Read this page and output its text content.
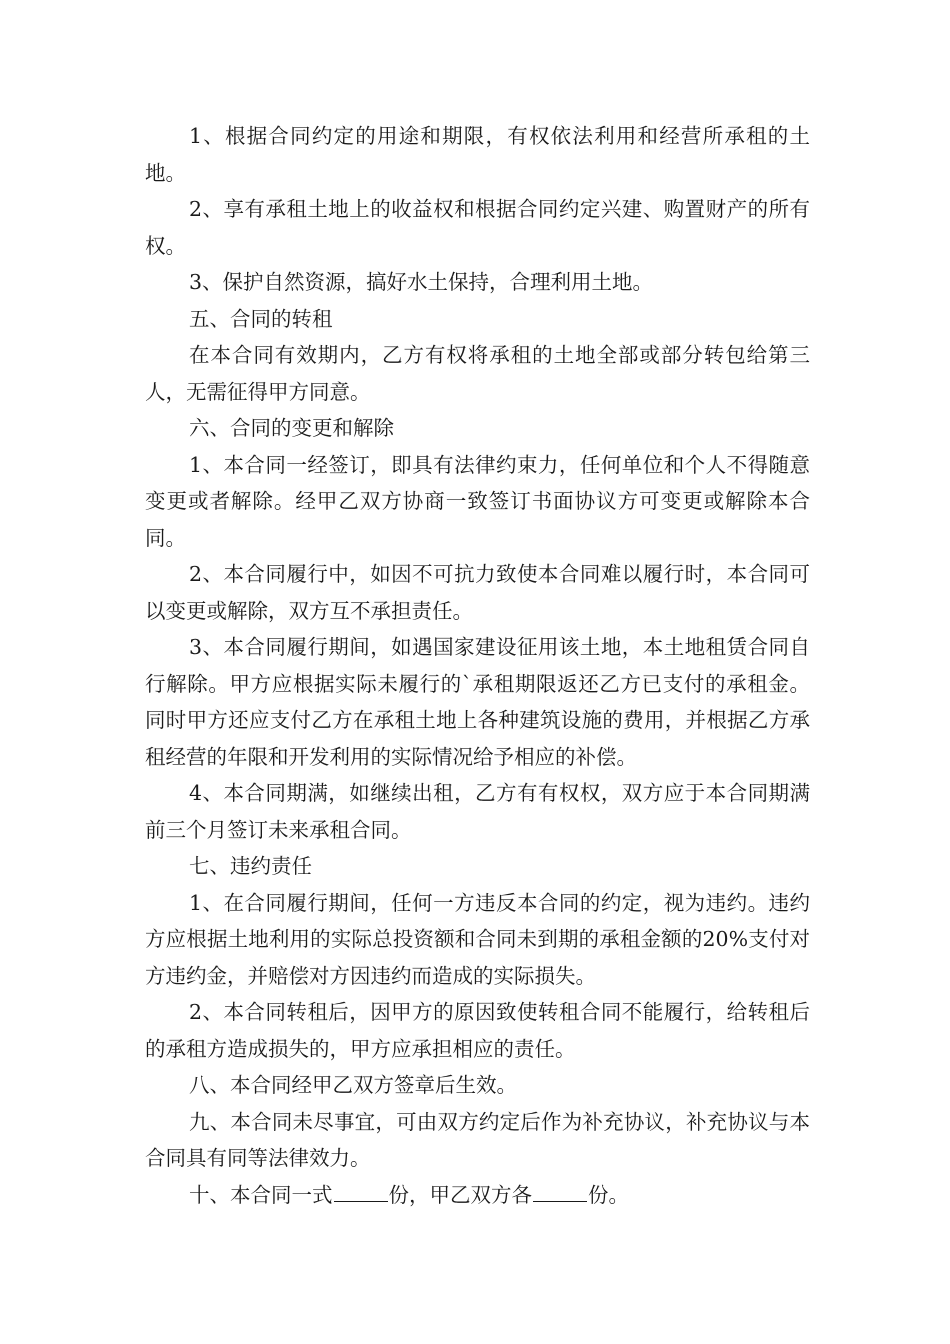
1、根据合同约定的用途和期限，有权依法利用和经营所承租的土地。

2、享有承租土地上的收益权和根据合同约定兴建、购置财产的所有权。

3、保护自然资源，搞好水土保持，合理利用土地。

五、合同的转租

在本合同有效期内，乙方有权将承租的土地全部或部分转包给第三人，无需征得甲方同意。

六、合同的变更和解除

1、本合同一经签订，即具有法律约束力，任何单位和个人不得随意变更或者解除。经甲乙双方协商一致签订书面协议方可变更或解除本合同。

2、本合同履行中，如因不可抗力致使本合同难以履行时，本合同可以变更或解除，双方互不承担责任。

3、本合同履行期间，如遇国家建设征用该土地，本土地租赁合同自行解除。甲方应根据实际未履行的`承租期限返还乙方已支付的承租金。同时甲方还应支付乙方在承租土地上各种建筑设施的费用，并根据乙方承租经营的年限和开发利用的实际情况给予相应的补偿。

4、本合同期满，如继续出租，乙方有有权权，双方应于本合同期满前三个月签订未来承租合同。

七、违约责任

1、在合同履行期间，任何一方违反本合同的约定，视为违约。违约方应根据土地利用的实际总投资额和合同未到期的承租金额的20%支付对方违约金，并赔偿对方因违约而造成的实际损失。

2、本合同转租后，因甲方的原因致使转租合同不能履行，给转租后的承租方造成损失的，甲方应承担相应的责任。

八、本合同经甲乙双方签章后生效。

九、本合同未尽事宜，可由双方约定后作为补充协议，补充协议与本合同具有同等法律效力。

十、本合同一式	份，甲乙双方各	份。
